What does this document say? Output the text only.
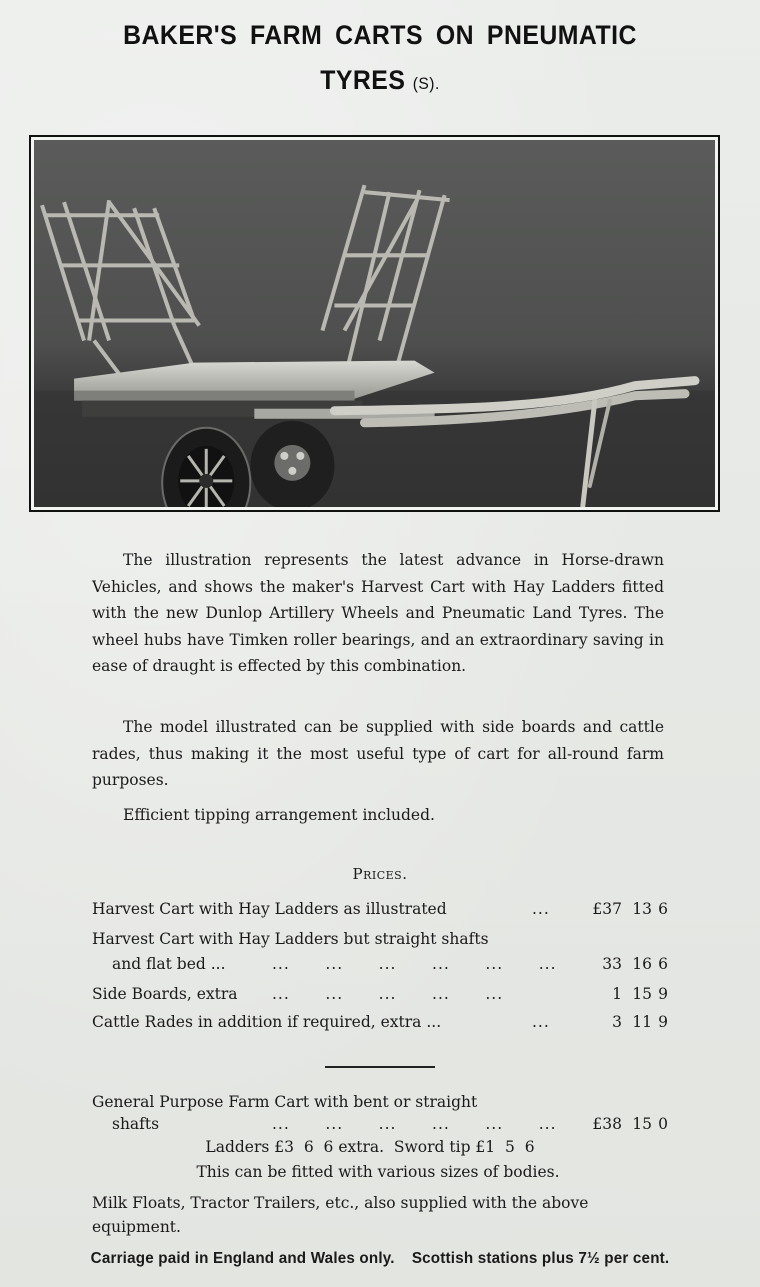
BAKER'S FARM CARTS ON PNEUMATIC
TYRES (S).

The illustration represents the latest advance in Horse-drawn Vehicles, and shows the maker's Harvest Cart with Hay Ladders fitted with the new Dunlop Artillery Wheels and Pneumatic Land Tyres. The wheel hubs have Timken roller bearings, and an extraordinary saving in ease of draught is effected by this combination.

The model illustrated can be supplied with side boards and cattle rades, thus making it the most useful type of cart for all-round farm purposes.

Efficient tipping arrangement included.

Prices.
Harvest Cart with Hay Ladders as illustrated	...	£37 13 6
Harvest Cart with Hay Ladders but straight shafts
and flat bed ...	...      ...      ...      ...      ...      ...	33 16 6
Side Boards, extra ...      ...      ...      ...      ...	1 15 9
Cattle Rades in addition if required, extra ...	...	3 11 9
General Purpose Farm Cart with bent or straight
shafts	...      ...      ...      ...      ...      ...	£38 15 0
Ladders £3  6  6 extra.  Sword tip £1  5  6
This can be fitted with various sizes of bodies.
Milk Floats, Tractor Trailers, etc., also supplied with the above equipment.
Carriage paid in England and Wales only. Scottish stations plus 7½ per cent.
